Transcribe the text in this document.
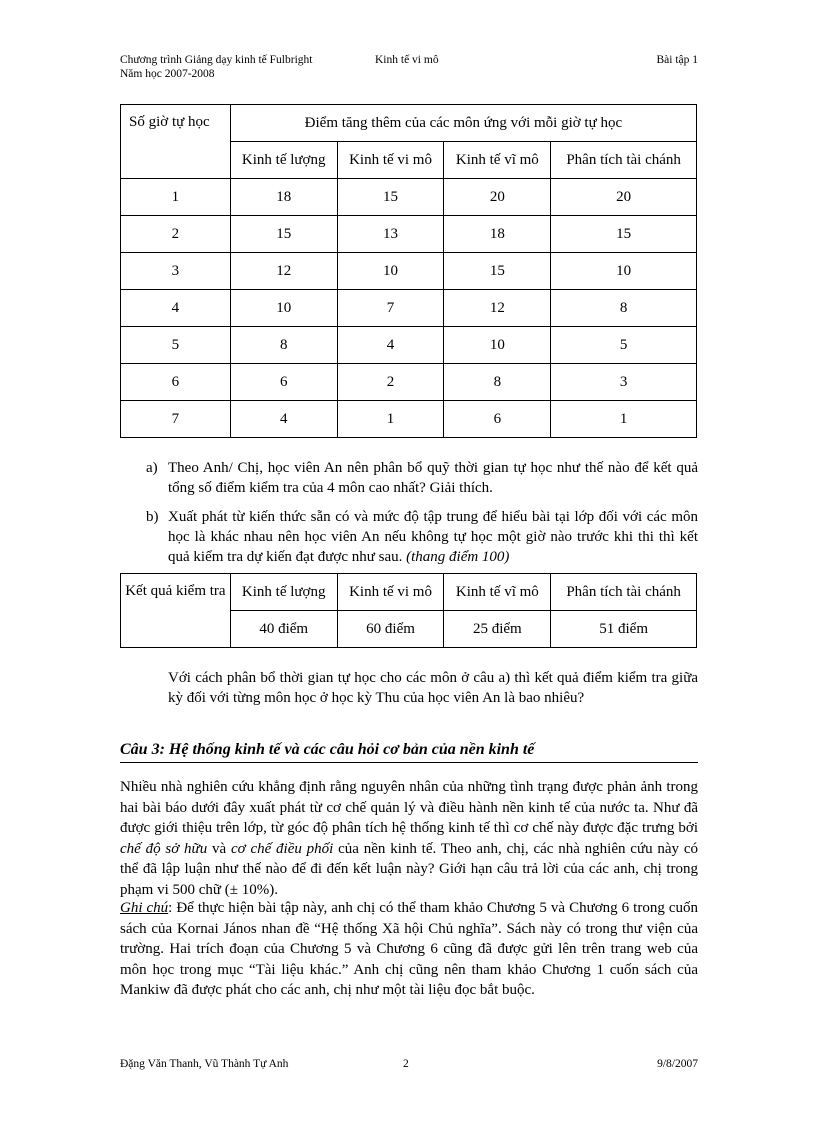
Chương trình Giảng dạy kinh tế Fulbright
Năm học 2007-2008
Kinh tế vi mô	Bài tập 1
Số giờ tự học	Điểm tăng thêm của các môn ứng với mỗi giờ tự học			
	Kinh tế lượng	Kinh tế vi mô	Kinh tế vĩ mô	Phân tích tài chánh
1	18	15	20	20
2	15	13	18	15
3	12	10	15	10
4	10	7	12	8
5	8	4	10	5
6	6	2	8	3
7	4	1	6	1
a) Theo Anh/ Chị, học viên An nên phân bổ quỹ thời gian tự học như thế nào để kết quả tổng số điểm kiểm tra của 4 môn cao nhất? Giải thích.
b) Xuất phát từ kiến thức sẵn có và mức độ tập trung để hiểu bài tại lớp đối với các môn học là khác nhau nên học viên An nếu không tự học một giờ nào trước khi thi thì kết quả kiểm tra dự kiến đạt được như sau. (thang điểm 100)
Kết quả kiểm tra	Kinh tế lượng	Kinh tế vi mô	Kinh tế vĩ mô	Phân tích tài chánh
	40 điểm	60 điểm	25 điểm	51 điểm
Với cách phân bổ thời gian tự học cho các môn ở câu a) thì kết quả điểm kiểm tra giữa kỳ đối với từng môn học ở học kỳ Thu của học viên An là bao nhiêu?
Câu 3: Hệ thống kinh tế và các câu hỏi cơ bản của nền kinh tế
Nhiều nhà nghiên cứu khẳng định rằng nguyên nhân của những tình trạng được phản ảnh trong hai bài báo dưới đây xuất phát từ cơ chế quản lý và điều hành nền kinh tế của nước ta. Như đã được giới thiệu trên lớp, từ góc độ phân tích hệ thống kinh tế thì cơ chế này được đặc trưng bởi chế độ sở hữu và cơ chế điều phối của nền kinh tế. Theo anh, chị, các nhà nghiên cứu này có thể đã lập luận như thế nào để đi đến kết luận này? Giới hạn câu trả lời của các anh, chị trong phạm vi 500 chữ (± 10%).
Ghi chú: Để thực hiện bài tập này, anh chị có thể tham khảo Chương 5 và Chương 6 trong cuốn sách của Kornai János nhan đề “Hệ thống Xã hội Chủ nghĩa”. Sách này có trong thư viện của trường. Hai trích đoạn của Chương 5 và Chương 6 cũng đã được gửi lên trên trang web của môn học trong mục “Tài liệu khác.” Anh chị cũng nên tham khảo Chương 1 cuốn sách của Mankiw đã được phát cho các anh, chị như một tài liệu đọc bắt buộc.
Đặng Văn Thanh, Vũ Thành Tự Anh	2	9/8/2007
